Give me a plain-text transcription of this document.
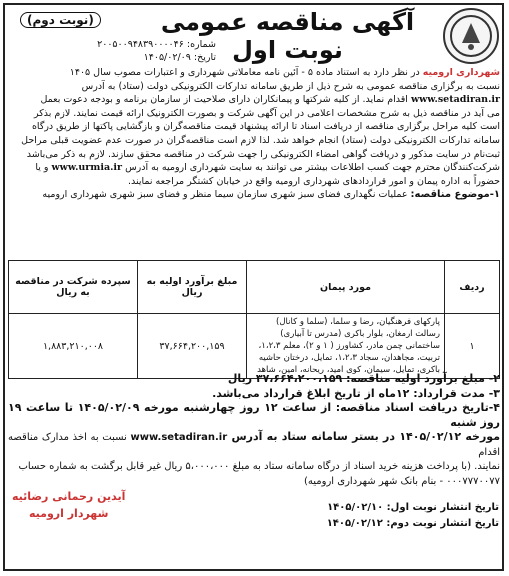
(نوبت دوم)
شماره: ۲۰۰۵۰۰۹۴۸۳۹۰۰۰۰۴۶
تاریخ: ۱۴۰۵/۰۲/۰۹
آگهی مناقصه عمومی نوبت اول
شهرداری ارومیه در نظر دارد به استناد ماده ۵ - آئین نامه معاملاتی شهرداری و اعتبارات مصوب سال ۱۴۰۵
نسبت به برگزاری مناقصه عمومی به شرح ذیل از طریق سامانه تدارکات الکترونیکی دولت (ستاد) به آدرس
www.setadiran.ir اقدام نماید. از کلیه شرکتها و پیمانکاران دارای صلاحیت از سازمان برنامه و بودجه دعوت بعمل
می آید در مناقصه ذیل به شرح مشخصات اعلامی در این آگهی شرکت و بصورت الکترونیک ارائه قیمت نمایند. لازم بذکر
است کلیه مراحل برگزاری مناقصه از دریافت اسناد تا ارائه پیشنهاد قیمت مناقصه‌گران و بازگشایی پاکتها از طریق درگاه
سامانه تدارکات الکترونیکی دولت (ستاد) انجام خواهد شد. لذا لازم است مناقصه‌گران در صورت عدم عضویت قبلی مراحل
ثبت‌نام در سایت مذکور و دریافت گواهی امضاء الکترونیکی را جهت شرکت در مناقصه محقق سازند. لازم به ذکر می‌باشد
شرکت‌کنندگان محترم جهت کسب اطلاعات بیشتر می توانند به سایت شهرداری ارومیه به آدرس www.urmia.ir و یا
حضوراً به اداره پیمان و امور قراردادهای شهرداری ارومیه واقع در خیابان کشتگر مراجعه نمایند.
۱-موضوع مناقصه: عملیات نگهداری فضای سبز شهری سازمان سیما منظر و فضای سبز شهری شهرداری ارومیه
ردیف	مورد پیمان	مبلغ برآورد اولیه به ریال	سپرده شرکت در مناقصه به ریال
۱	پارکهای فرهنگیان، رضا و سلما، (سلما و کانال) رسالت ارمغان، بلوار باکری (مدرس تا آبیاری) ساختمانی چمن مادر، کشاورز ( ۱ و ۲)، معلم ۱،۲،۳، تربیت، مجاهدان، سجاد ۱،۲،۳، تمایل، درختان حاشیه باکری، تمایل، سیمان، کوی امید، ریحانه، امین، شاهد	۳۷,۶۶۴,۲۰۰,۱۵۹	۱,۸۸۳,۲۱۰,۰۰۸
۲- مبلغ برآورد اولیه مناقصه: ۳۷،۶۶۴،۲۰۰،۱۵۹ ریال
۳- مدت قرارداد: ۱۲ماه از تاریخ ابلاغ قرارداد می‌باشد.
۴-تاریخ دریافت اسناد مناقصه: از ساعت ۱۲ روز چهارشنبه مورخه ۱۴۰۵/۰۲/۰۹ تا ساعت ۱۹ روز شنبه
مورخه ۱۴۰۵/۰۲/۱۲ در بستر سامانه ستاد به آدرس www.setadiran.ir نسبت به اخذ مدارک مناقصه اقدام
نمایند. (با پرداخت هزینه خرید اسناد از درگاه سامانه ستاد به مبلغ ۵،۰۰۰،۰۰۰ ریال غیر قابل برگشت به شماره حساب
۰۰۰۷۷۷۰۰۷۷ - بنام بانک شهر شهرداری ارومیه)
تاریخ انتشار نوبت اول: ۱۴۰۵/۰۲/۱۰
تاریخ انتشار نوبت دوم: ۱۴۰۵/۰۲/۱۲
آیدین رحمانی رضائیه
شهردار ارومیه
